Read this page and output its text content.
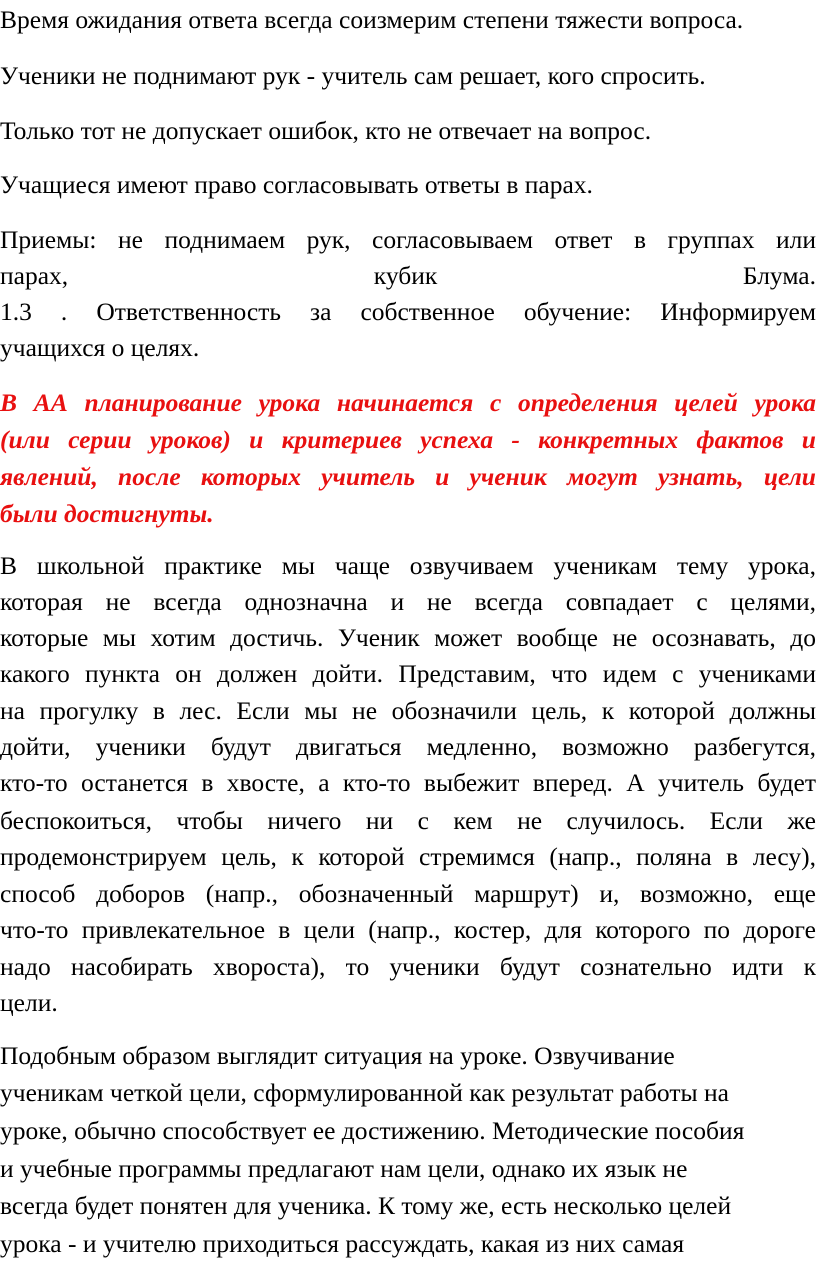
Время ожидания ответа всегда соизмерим степени тяжести вопроса.
Ученики не поднимают рук - учитель сам решает, кого спросить.
Только тот не допускает ошибок, кто не отвечает на вопрос.
Учащиеся имеют право согласовывать ответы в парах.
Приемы: не поднимаем рук, согласовываем ответ в группах или
парах, кубик Блума.
1.3 . Ответственность за собственное обучение: Информируем
учащихся о целях.
В АА планирование урока начинается с определения целей урока
(или серии уроков) и критериев успеха - конкретных фактов и
явлений, после которых учитель и ученик могут узнать, цели
были достигнуты.
В школьной практике мы чаще озвучиваем ученикам тему урока,
которая не всегда однозначна и не всегда совпадает с целями,
которые мы хотим достичь. Ученик может вообще не осознавать, до
какого пункта он должен дойти. Представим, что идем с учениками
на прогулку в лес. Если мы не обозначили цель, к которой должны
дойти, ученики будут двигаться медленно, возможно разбегутся,
кто-то останется в хвосте, а кто-то выбежит вперед. А учитель будет
беспокоиться, чтобы ничего ни с кем не случилось. Если же
продемонстрируем цель, к которой стремимся (напр., поляна в лесу),
способ доборов (напр., обозначенный маршрут) и, возможно, еще
что-то привлекательное в цели (напр., костер, для которого по дороге
надо насобирать хвороста), то ученики будут сознательно идти к
цели.
Подобным образом выглядит ситуация на уроке. Озвучивание
ученикам четкой цели, сформулированной как результат работы на
уроке, обычно способствует ее достижению. Методические пособия
и учебные программы предлагают нам цели, однако их язык не
всегда будет понятен для ученика. К тому же, есть несколько целей
урока - и учителю приходиться рассуждать, какая из них самая
